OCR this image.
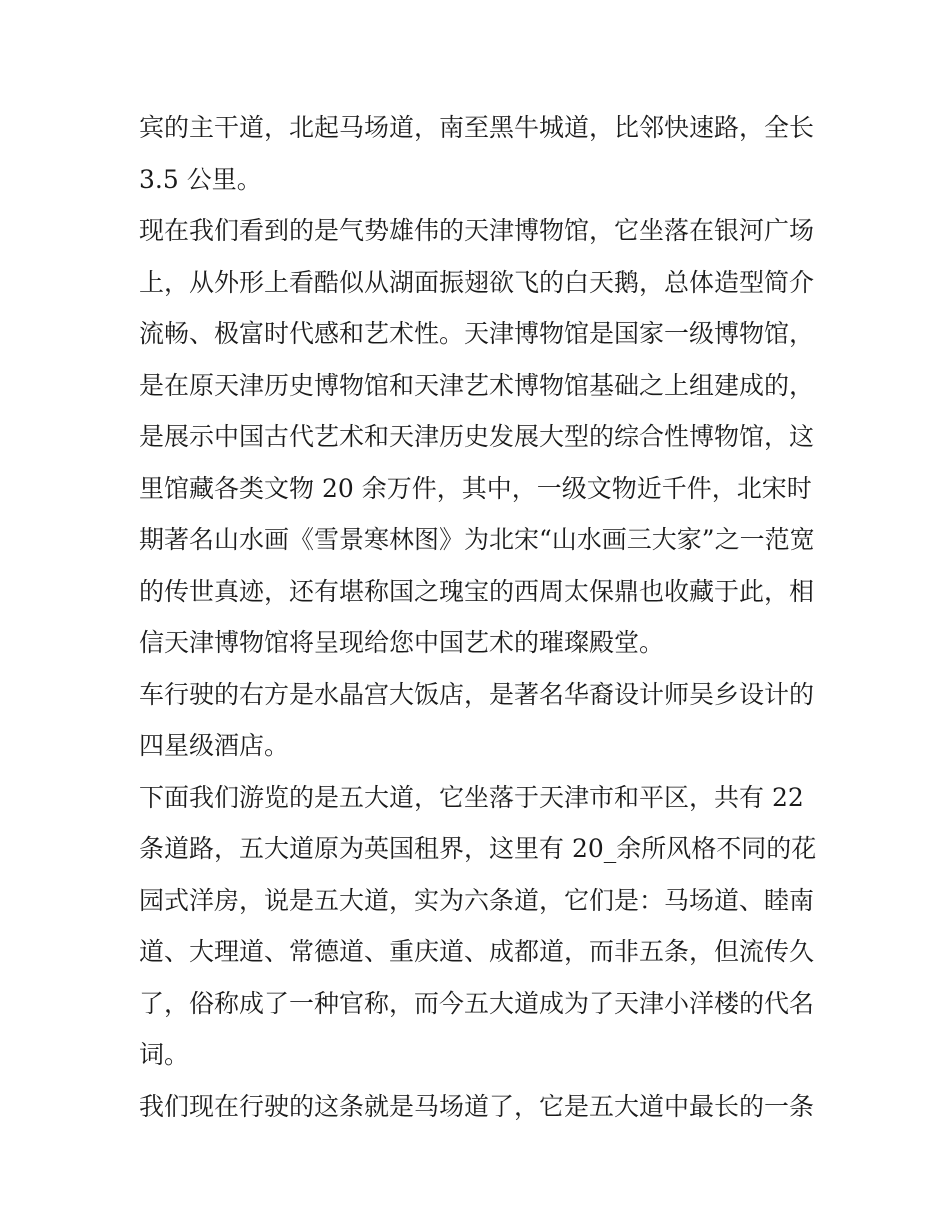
宾的主干道，北起马场道，南至黑牛城道，比邻快速路，全长
3.5 公里。
现在我们看到的是气势雄伟的天津博物馆，它坐落在银河广场
上，从外形上看酷似从湖面振翅欲飞的白天鹅，总体造型简介
流畅、极富时代感和艺术性。天津博物馆是国家一级博物馆，
是在原天津历史博物馆和天津艺术博物馆基础之上组建成的，
是展示中国古代艺术和天津历史发展大型的综合性博物馆，这
里馆藏各类文物 20 余万件，其中，一级文物近千件，北宋时
期著名山水画《雪景寒林图》为北宋“山水画三大家”之一范宽
的传世真迹，还有堪称国之瑰宝的西周太保鼎也收藏于此，相
信天津博物馆将呈现给您中国艺术的璀璨殿堂。
车行驶的右方是水晶宫大饭店，是著名华裔设计师吴乡设计的
四星级酒店。
下面我们游览的是五大道，它坐落于天津市和平区，共有 22
条道路，五大道原为英国租界，这里有 20_余所风格不同的花
园式洋房，说是五大道，实为六条道，它们是：马场道、睦南
道、大理道、常德道、重庆道、成都道，而非五条，但流传久
了，俗称成了一种官称，而今五大道成为了天津小洋楼的代名
词。
我们现在行驶的这条就是马场道了，它是五大道中最长的一条
